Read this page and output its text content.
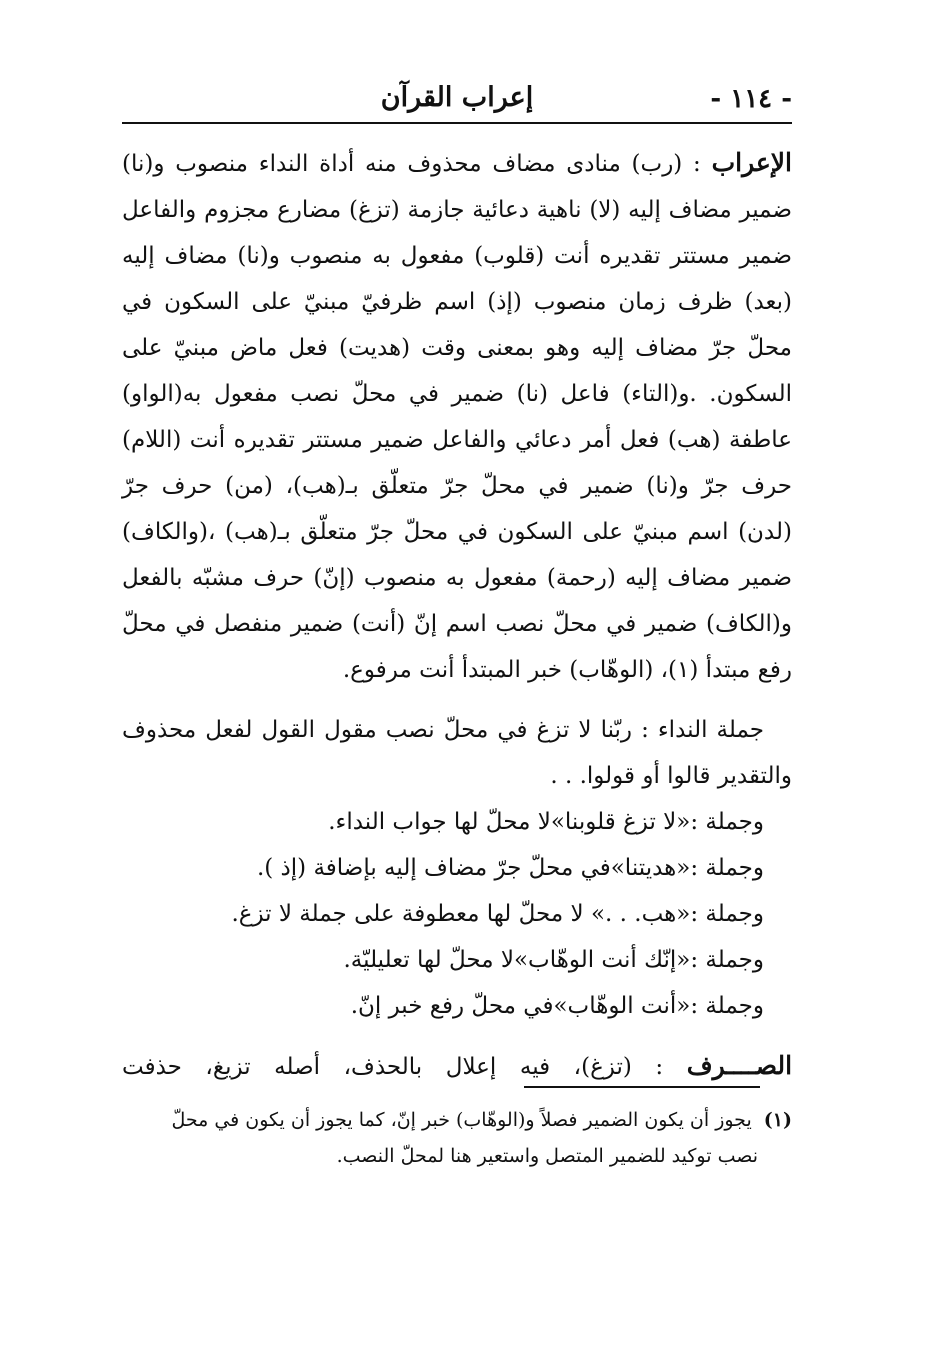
- ١١٤ -
إعراب القرآن

الإعراب : (رب) منادى مضاف محذوف منه أداة النداء منصوب و(نا) ضمير مضاف إليه (لا) ناهية دعائية جازمة (تزغ) مضارع مجزوم والفاعل ضمير مستتر تقديره أنت (قلوب) مفعول به منصوب و(نا) مضاف إليه (بعد) ظرف زمان منصوب (إذ) اسم ظرفيّ مبنيّ على السكون في محلّ جرّ مضاف إليه وهو بمعنى وقت (هديت) فعل ماض مبنيّ على السكون. .و(التاء) فاعل (نا) ضمير في محلّ نصب مفعول به(الواو) عاطفة (هب) فعل أمر دعائي والفاعل ضمير مستتر تقديره أنت (اللام) حرف جرّ و(نا) ضمير في محلّ جرّ متعلّق بـ(هب)، (من) حرف جرّ (لدن) اسم مبنيّ على السكون في محلّ جرّ متعلّق بـ(هب) ،(والكاف) ضمير مضاف إليه (رحمة) مفعول به منصوب (إنّ) حرف مشبّه بالفعل و(الكاف) ضمير في محلّ نصب اسم إنّ (أنت) ضمير منفصل في محلّ رفع مبتدأ (١)، (الوهّاب) خبر المبتدأ أنت مرفوع.

جملة النداء : ربّنا لا تزغ في محلّ نصب مقول القول لفعل محذوف والتقدير قالوا أو قولوا. . .

وجملة :«لا تزغ قلوبنا»لا محلّ لها جواب النداء.
وجملة :«هديتنا»في محلّ جرّ مضاف إليه بإضافة (إذ ).
وجملة :«هب. . .» لا محلّ لها معطوفة على جملة لا تزغ.
وجملة :«إنّك أنت الوهّاب»لا محلّ لها تعليليّة.
وجملة :«أنت الوهّاب»في محلّ رفع خبر إنّ.

الصــــرف : (تزغ)، فيه إعلال بالحذف، أصله تزيغ، حذفت

(١) يجوز أن يكون الضمير فصلاً و(الوهّاب) خبر إنّ، كما يجوز أن يكون في محلّ
نصب توكيد للضمير المتصل واستعير هنا لمحلّ النصب.
